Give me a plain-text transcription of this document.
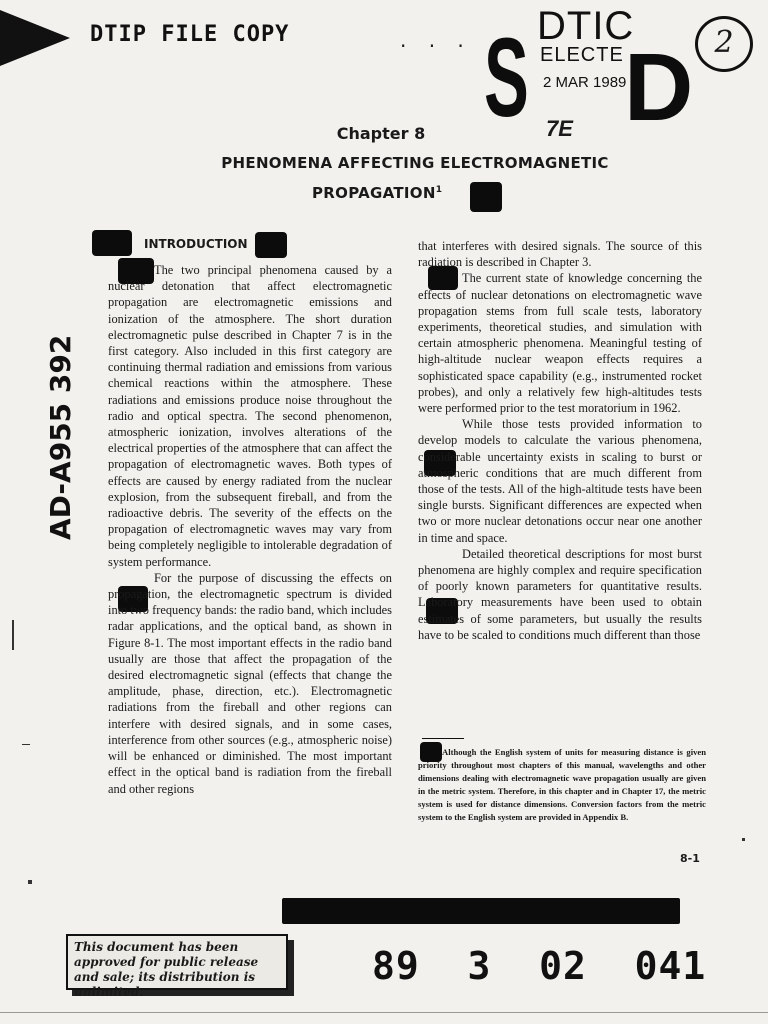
DTIP FILE COPY	· · · S DTIC
ELECTE
2 MAR 1989
D
7E
2
Chapter 8
PHENOMENA AFFECTING ELECTROMAGNETIC
PROPAGATION$^1$
AD-A955 392
INTRODUCTION

The two principal phenomena caused by a nuclear detonation that affect electromagnetic propagation are electromagnetic emissions and ionization of the atmosphere. The short duration electromagnetic pulse described in Chapter 7 is in the first category. Also included in this first category are continuing thermal radiation and emissions from various chemical reactions within the atmosphere. These radiations and emissions produce noise throughout the radio and optical spectra. The second phenomenon, atmospheric ionization, involves alterations of the electrical properties of the atmosphere that can affect the propagation of electromagnetic waves. Both types of effects are caused by energy radiated from the nuclear explosion, from the subsequent fireball, and from the radioactive debris. The severity of the effects on the propagation of electromagnetic waves may vary from being completely negligible to intolerable degradation of system performance.

For the purpose of discussing the effects on propagation, the electromagnetic spectrum is divided into two frequency bands: the radio band, which includes radar applications, and the optical band, as shown in Figure 8-1. The most important effects in the radio band usually are those that affect the propagation of the desired electromagnetic signal (effects that change the amplitude, phase, direction, etc.). Electromagnetic radiations from the fireball and other regions can interfere with desired signals, and in some cases, interference from other sources (e.g., atmospheric noise) will be enhanced or diminished. The most important effect in the optical band is radiation from the fireball and other regions

that interferes with desired signals. The source of this radiation is described in Chapter 3.

The current state of knowledge concerning the effects of nuclear detonations on electromagnetic wave propagation stems from full scale tests, laboratory experiments, theoretical studies, and simulation with certain atmospheric phenomena. Meaningful testing of high-altitude nuclear weapon effects requires a sophisticated space capability (e.g., instrumented rocket probes), and only a relatively few high-altitudes tests were performed prior to the test moratorium in 1962.

While those tests provided information to develop models to calculate the various phenomena, considerable uncertainty exists in scaling to burst or atmospheric conditions that are much different from those of the tests. All of the high-altitude tests have been single bursts. Significant differences are expected when two or more nuclear detonations occur near one another in time and space.

Detailed theoretical descriptions for most burst phenomena are highly complex and require specification of poorly known parameters for quantitative results. Laboratory measurements have been used to obtain estimates of some parameters, but usually the results have to be scaled to conditions much different than those

Although the English system of units for measuring distance is given priority throughout most chapters of this manual, wavelengths and other dimensions dealing with electromagnetic wave propagation usually are given in the metric system. Therefore, in this chapter and in Chapter 17, the metric system is used for distance dimensions. Conversion factors from the metric system to the English system are provided in Appendix B.
8-1
This document has been approved for public release and sale; its distribution is unlimited.
89  3  02  041
